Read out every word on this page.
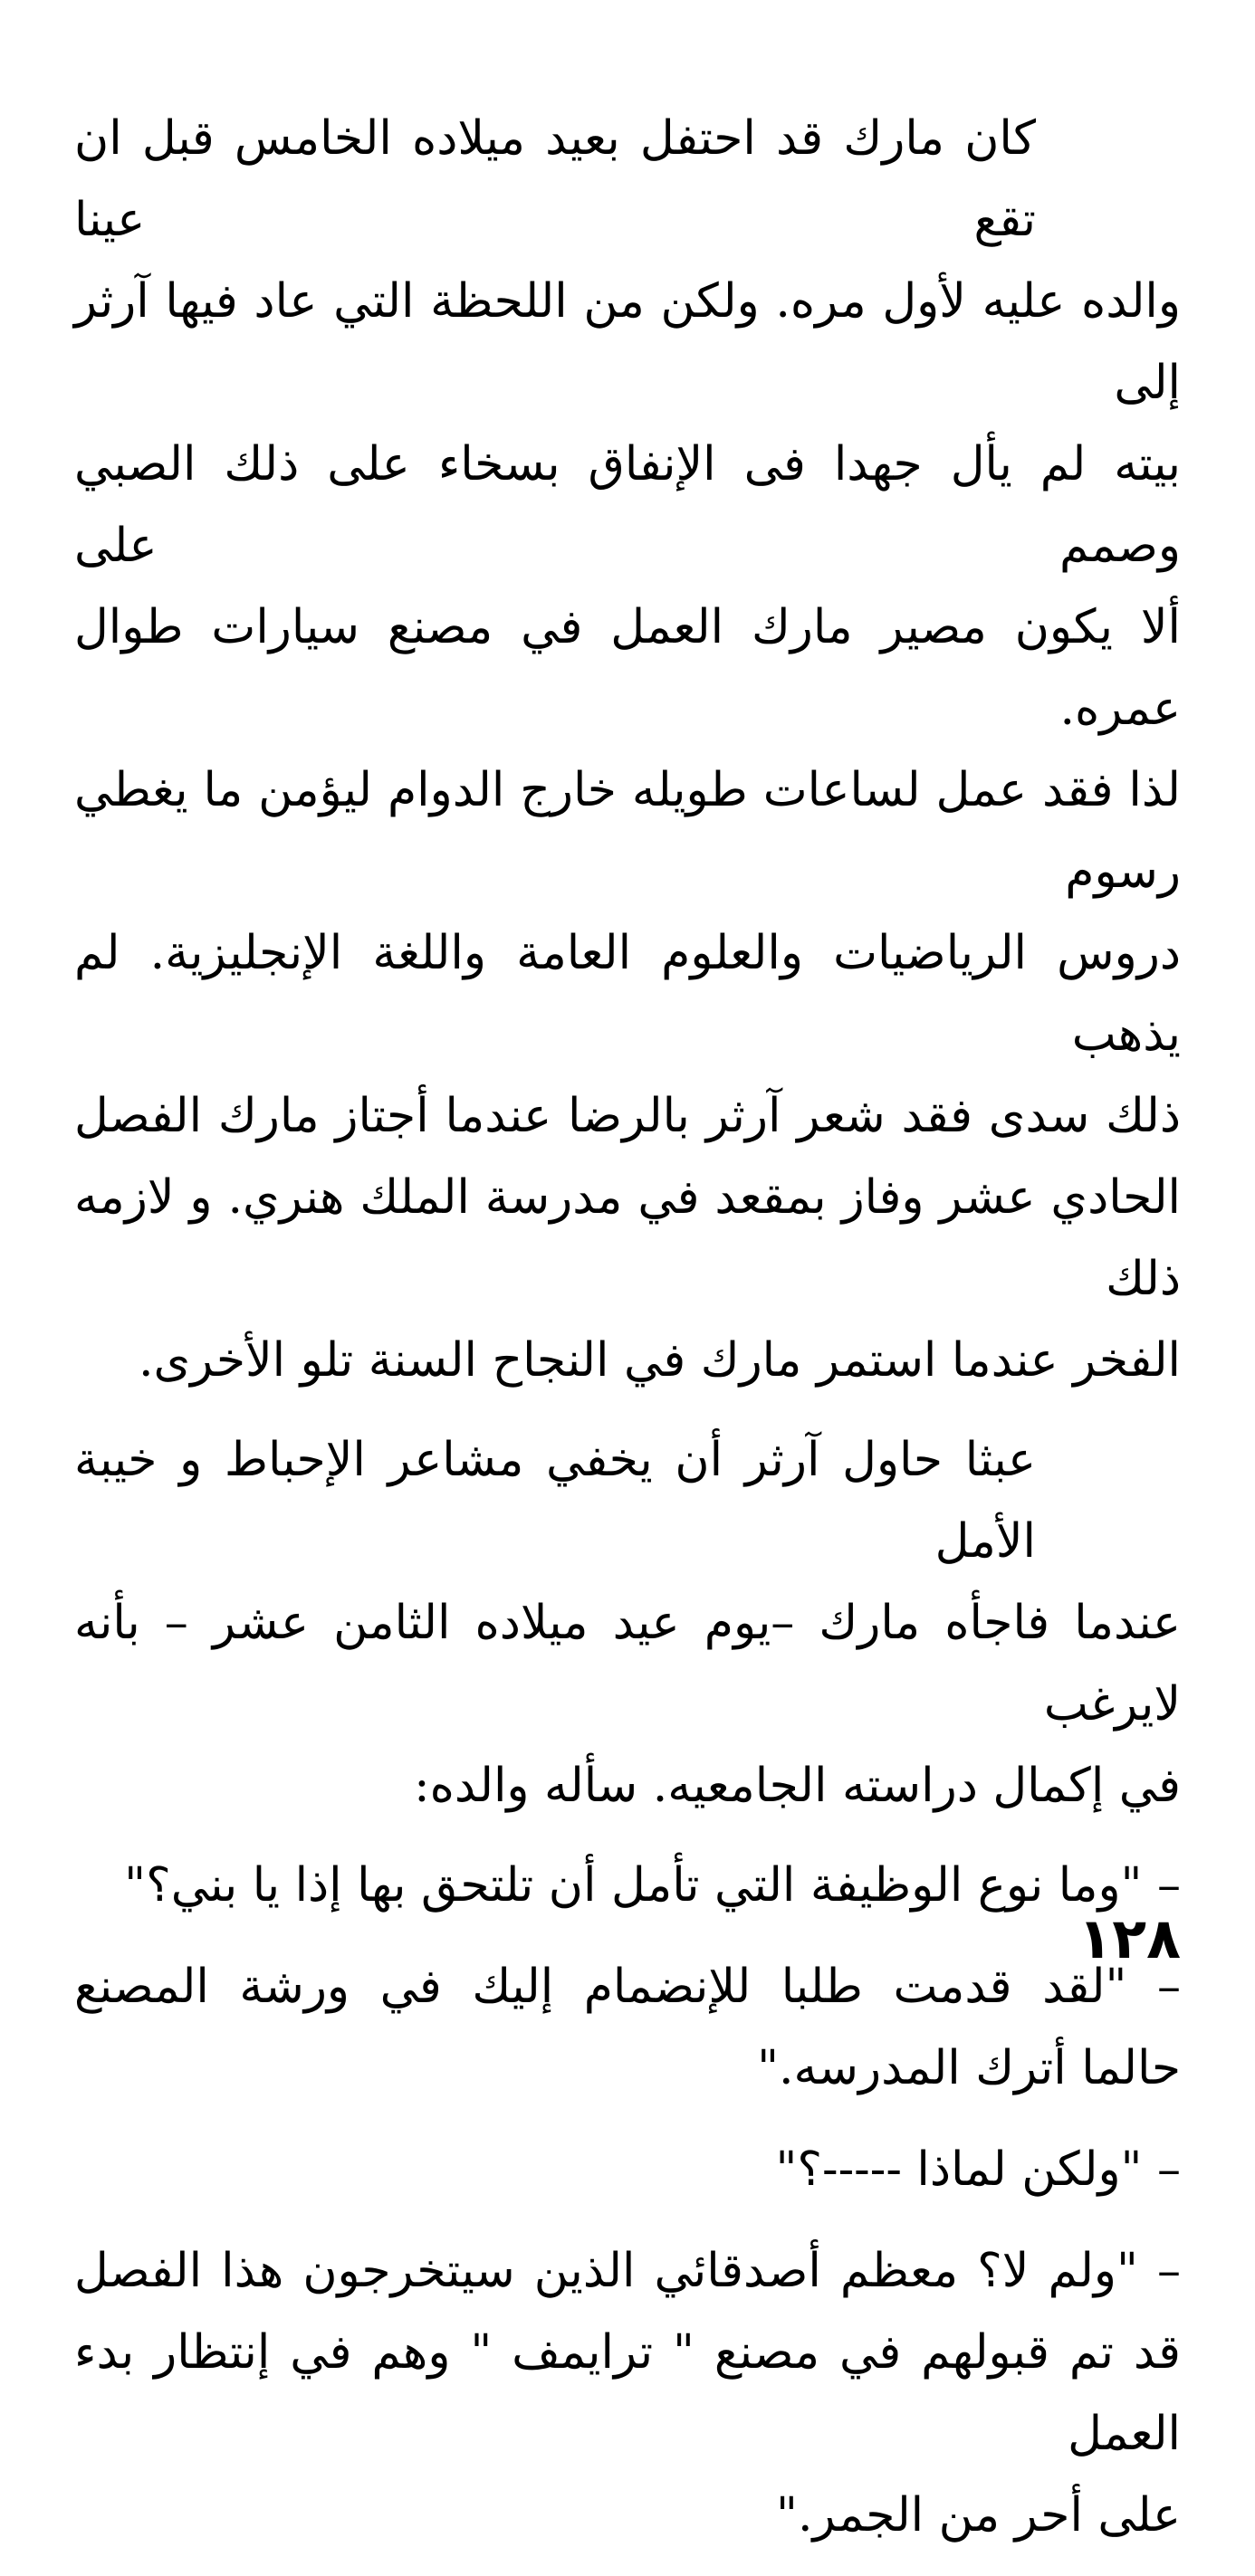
كان مارك قد احتفل بعيد ميلاده الخامس قبل ان تقع عينا
والده عليه لأول مره. ولكن من اللحظة التي عاد فيها آرثر إلى
بيته لم يأل جهدا فى الإنفاق بسخاء على ذلك الصبي وصمم على
ألا يكون مصير مارك العمل في مصنع سيارات طوال عمره.
لذا فقد عمل لساعات طويله خارج الدوام ليؤمن ما يغطي رسوم
دروس الرياضيات والعلوم العامة واللغة الإنجليزية. لم يذهب
ذلك سدى فقد شعر آرثر بالرضا عندما أجتاز مارك الفصل
الحادي عشر وفاز بمقعد في مدرسة الملك هنري. و لازمه ذلك
الفخر عندما استمر مارك في النجاح السنة تلو الأخرى.

عبثا حاول آرثر أن يخفي مشاعر الإحباط و خيبة الأمل
عندما فاجأه مارك –يوم عيد ميلاده الثامن عشر – بأنه لايرغب
في إكمال دراسته الجامعيه. سأله والده:

– "وما نوع الوظيفة التي تأمل أن تلتحق بها إذا يا بني؟"

– "لقد قدمت طلبا للإنضمام إليك في ورشة المصنع
حالما أترك المدرسه."

– "ولكن لماذا -----؟"

– "ولم لا؟ معظم أصدقائي الذين سيتخرجون هذا الفصل
قد تم قبولهم في مصنع " ترايمف " وهم في إنتظار بدء العمل
على أحر من الجمر."

١٢٨
